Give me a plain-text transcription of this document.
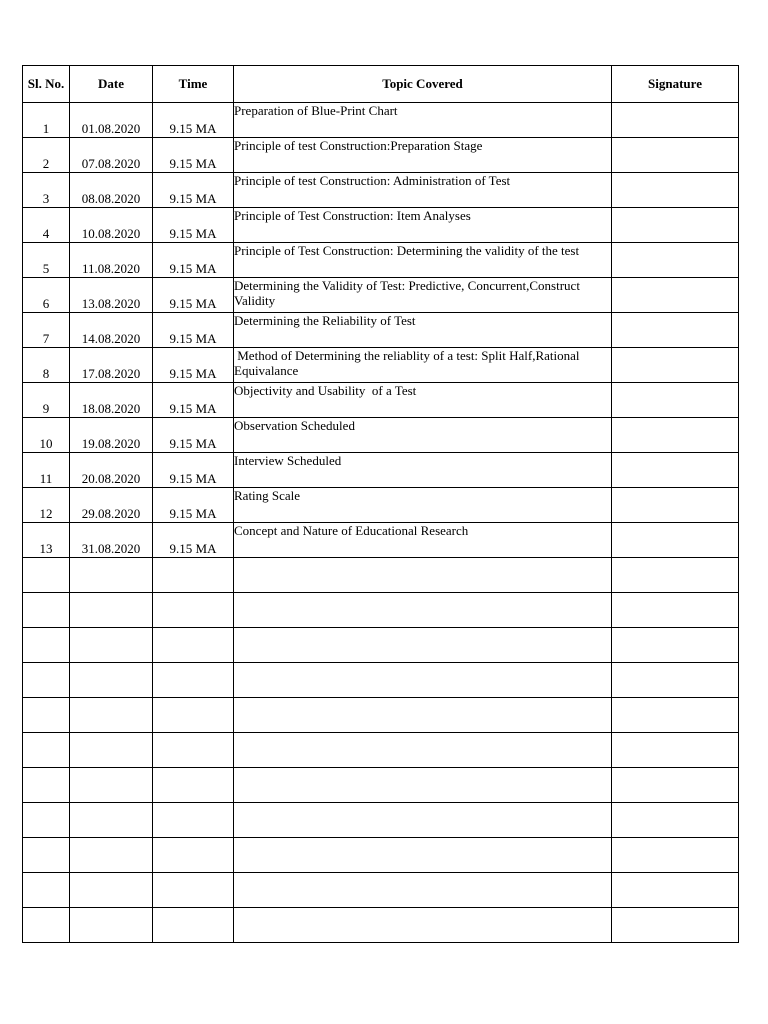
Sl. No.	Date	Time	Topic Covered	Signature
1	01.08.2020	9.15 MA	Preparation of Blue-Print Chart	
2	07.08.2020	9.15 MA	Principle of test Construction:Preparation Stage	
3	08.08.2020	9.15 MA	Principle of test Construction: Administration of Test	
4	10.08.2020	9.15 MA	Principle of Test Construction: Item Analyses	
5	11.08.2020	9.15 MA	Principle of Test Construction: Determining the validity of the test	
6	13.08.2020	9.15 MA	Determining the Validity of Test: Predictive, Concurrent,Construct Validity	
7	14.08.2020	9.15 MA	Determining the Reliability of Test	
8	17.08.2020	9.15 MA	Method of Determining the reliablity of a test: Split Half,Rational Equivalance	
9	18.08.2020	9.15 MA	Objectivity and Usability  of a Test	
10	19.08.2020	9.15 MA	Observation Scheduled	
11	20.08.2020	9.15 MA	Interview Scheduled	
12	29.08.2020	9.15 MA	Rating Scale	
13	31.08.2020	9.15 MA	Concept and Nature of Educational Research	
